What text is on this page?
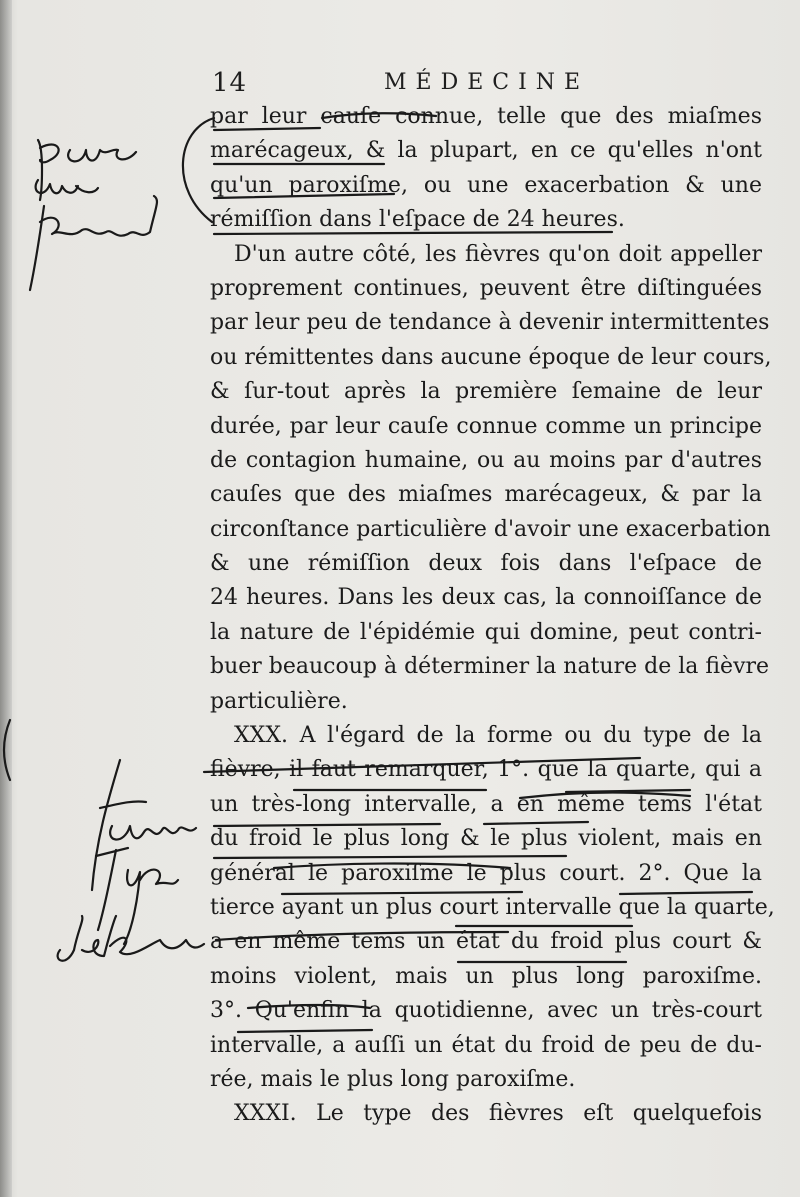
14	MÉDECINE
par leur cauſe connue, telle que des miaſmes
marécageux, & la plupart, en ce qu'elles n'ont
qu'un paroxiſme, ou une exacerbation & une
rémiſſion dans l'eſpace de 24 heures.
D'un autre côté, les fièvres qu'on doit appeller
proprement continues, peuvent être diſtinguées
par leur peu de tendance à devenir intermittentes
ou rémittentes dans aucune époque de leur cours,
& ſur-tout après la première ſemaine de leur
durée, par leur cauſe connue comme un principe
de contagion humaine, ou au moins par d'autres
cauſes que des miaſmes marécageux, & par la
circonſtance particulière d'avoir une exacerbation
& une rémiſſion deux fois dans l'eſpace de
24 heures. Dans les deux cas, la connoiſſance de
la nature de l'épidémie qui domine, peut contri-
buer beaucoup à déterminer la nature de la fièvre
particulière.
XXX. A l'égard de la forme ou du type de la
fièvre, il faut remarquer, 1°. que la quarte, qui a
un très-long intervalle, a en même tems l'état
du froid le plus long & le plus violent, mais en
général le paroxiſme le plus court. 2°. Que la
tierce ayant un plus court intervalle que la quarte,
a en même tems un état du froid plus court &
moins violent, mais un plus long paroxiſme.
3°. Qu'enfin la quotidienne, avec un très-court
intervalle, a auſſi un état du froid de peu de du-
rée, mais le plus long paroxiſme.
XXXI. Le type des fièvres eſt quelquefois
